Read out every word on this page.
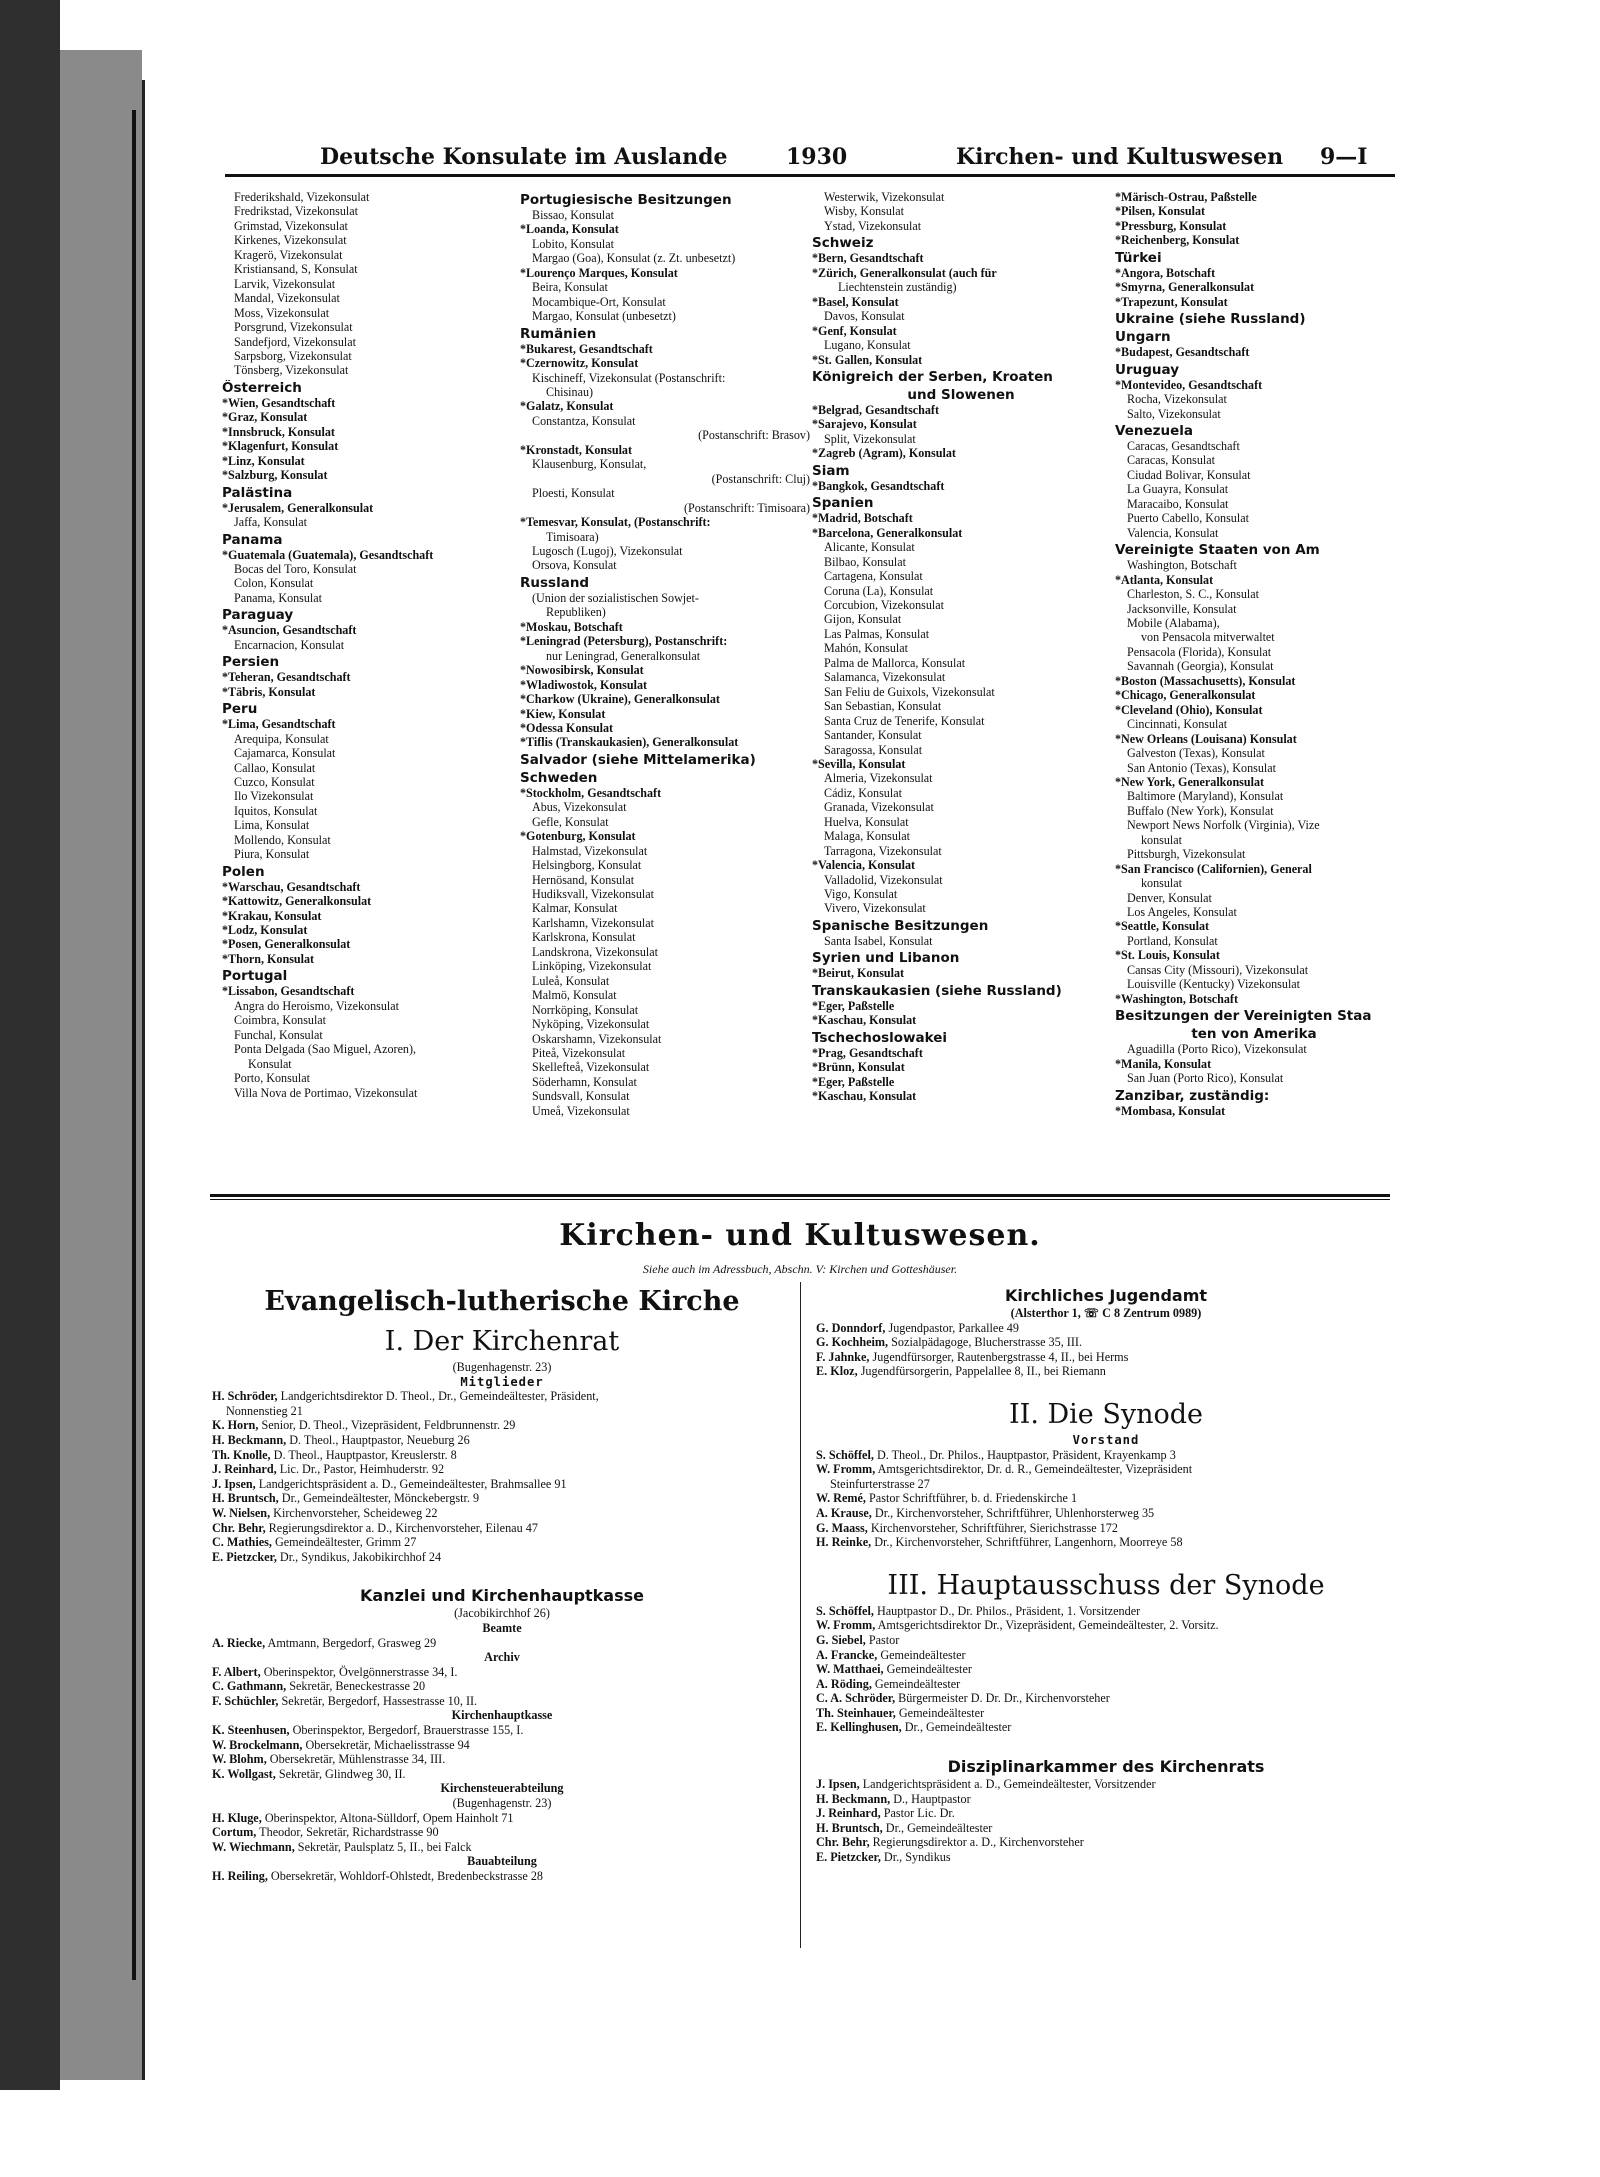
Deutsche Konsulate im Auslande	1930	Kirchen- und Kultuswesen 9—I
Frederikshald, Vizekonsulat
Fredrikstad, Vizekonsulat
Grimstad, Vizekonsulat
Kirkenes, Vizekonsulat
Kragerö, Vizekonsulat
Kristiansand, S, Konsulat
Larvik, Vizekonsulat
Mandal, Vizekonsulat
Moss, Vizekonsulat
Porsgrund, Vizekonsulat
Sandefjord, Vizekonsulat
Sarpsborg, Vizekonsulat
Tönsberg, Vizekonsulat
Österreich
*Wien, Gesandtschaft
*Graz, Konsulat
*Innsbruck, Konsulat
*Klagenfurt, Konsulat
*Linz, Konsulat
*Salzburg, Konsulat
Palästina
*Jerusalem, Generalkonsulat
Jaffa, Konsulat
Panama
*Guatemala (Guatemala), Gesandtschaft
Bocas del Toro, Konsulat
Colon, Konsulat
Panama, Konsulat
Paraguay
*Asuncion, Gesandtschaft
Encarnacion, Konsulat
Persien
*Teheran, Gesandtschaft
*Täbris, Konsulat
Peru
*Lima, Gesandtschaft
Arequipa, Konsulat
Cajamarca, Konsulat
Callao, Konsulat
Cuzco, Konsulat
Ilo Vizekonsulat
Iquitos, Konsulat
Lima, Konsulat
Mollendo, Konsulat
Piura, Konsulat
Polen
*Warschau, Gesandtschaft
*Kattowitz, Generalkonsulat
*Krakau, Konsulat
*Lodz, Konsulat
*Posen, Generalkonsulat
*Thorn, Konsulat
Portugal
*Lissabon, Gesandtschaft
Angra do Heroismo, Vizekonsulat
Coimbra, Konsulat
Funchal, Konsulat
Ponta Delgada (Sao Miguel, Azoren),
Konsulat
Porto, Konsulat
Villa Nova de Portimao, Vizekonsulat
Portugiesische Besitzungen
Bissao, Konsulat
*Loanda, Konsulat
Lobito, Konsulat
Margao (Goa), Konsulat (z. Zt. unbesetzt)
*Lourenço Marques, Konsulat
Beira, Konsulat
Mocambique-Ort, Konsulat
Margao, Konsulat (unbesetzt)
Rumänien
*Bukarest, Gesandtschaft
*Czernowitz, Konsulat
Kischineff, Vizekonsulat (Postanschrift:
Chisinau)
*Galatz, Konsulat
Constantza, Konsulat
(Postanschrift: Brasov)
*Kronstadt, Konsulat
Klausenburg, Konsulat,
(Postanschrift: Cluj)
Ploesti, Konsulat
(Postanschrift: Timisoara)
*Temesvar, Konsulat, (Postanschrift:
Timisoara)
Lugosch (Lugoj), Vizekonsulat
Orsova, Konsulat
Russland
(Union der sozialistischen Sowjet-
Republiken)
*Moskau, Botschaft
*Leningrad (Petersburg), Postanschrift:
nur Leningrad, Generalkonsulat
*Nowosibirsk, Konsulat
*Wladiwostok, Konsulat
*Charkow (Ukraine), Generalkonsulat
*Kiew, Konsulat
*Odessa Konsulat
*Tiflis (Transkaukasien), Generalkonsulat
Salvador (siehe Mittelamerika)
Schweden
*Stockholm, Gesandtschaft
Abus, Vizekonsulat
Gefle, Konsulat
*Gotenburg, Konsulat
Halmstad, Vizekonsulat
Helsingborg, Konsulat
Hernösand, Konsulat
Hudiksvall, Vizekonsulat
Kalmar, Konsulat
Karlshamn, Vizekonsulat
Karlskrona, Konsulat
Landskrona, Vizekonsulat
Linköping, Vizekonsulat
Luleå, Konsulat
Malmö, Konsulat
Norrköping, Konsulat
Nyköping, Vizekonsulat
Oskarshamn, Vizekonsulat
Piteå, Vizekonsulat
Skellefteå, Vizekonsulat
Söderhamn, Konsulat
Sundsvall, Konsulat
Umeå, Vizekonsulat
Westerwik, Vizekonsulat
Wisby, Konsulat
Ystad, Vizekonsulat
Schweiz
*Bern, Gesandtschaft
*Zürich, Generalkonsulat (auch für
Liechtenstein zuständig)
*Basel, Konsulat
Davos, Konsulat
*Genf, Konsulat
Lugano, Konsulat
*St. Gallen, Konsulat
Königreich der Serben, Kroaten
und Slowenen
*Belgrad, Gesandtschaft
*Sarajevo, Konsulat
Split, Vizekonsulat
*Zagreb (Agram), Konsulat
Siam
*Bangkok, Gesandtschaft
Spanien
*Madrid, Botschaft
*Barcelona, Generalkonsulat
Alicante, Konsulat
Bilbao, Konsulat
Cartagena, Konsulat
Coruna (La), Konsulat
Corcubion, Vizekonsulat
Gijon, Konsulat
Las Palmas, Konsulat
Mahón, Konsulat
Palma de Mallorca, Konsulat
Salamanca, Vizekonsulat
San Feliu de Guixols, Vizekonsulat
San Sebastian, Konsulat
Santa Cruz de Tenerife, Konsulat
Santander, Konsulat
Saragossa, Konsulat
*Sevilla, Konsulat
Almeria, Vizekonsulat
Cádiz, Konsulat
Granada, Vizekonsulat
Huelva, Konsulat
Malaga, Konsulat
Tarragona, Vizekonsulat
*Valencia, Konsulat
Valladolid, Vizekonsulat
Vigo, Konsulat
Vivero, Vizekonsulat
Spanische Besitzungen
Santa Isabel, Konsulat
Syrien und Libanon
*Beirut, Konsulat
Transkaukasien (siehe Russland)
*Eger, Paßstelle
*Kaschau, Konsulat
Tschechoslowakei
*Prag, Gesandtschaft
*Brünn, Konsulat
*Eger, Paßstelle
*Kaschau, Konsulat
*Märisch-Ostrau, Paßstelle
*Pilsen, Konsulat
*Pressburg, Konsulat
*Reichenberg, Konsulat
Türkei
*Angora, Botschaft
*Smyrna, Generalkonsulat
*Trapezunt, Konsulat
Ukraine (siehe Russland)
Ungarn
*Budapest, Gesandtschaft
Uruguay
*Montevideo, Gesandtschaft
Rocha, Vizekonsulat
Salto, Vizekonsulat
Venezuela
Caracas, Gesandtschaft
Caracas, Konsulat
Ciudad Bolivar, Konsulat
La Guayra, Konsulat
Maracaibo, Konsulat
Puerto Cabello, Konsulat
Valencia, Konsulat
Vereinigte Staaten von Am
Washington, Botschaft
*Atlanta, Konsulat
Charleston, S. C., Konsulat
Jacksonville, Konsulat
Mobile (Alabama),
von Pensacola mitverwaltet
Pensacola (Florida), Konsulat
Savannah (Georgia), Konsulat
*Boston (Massachusetts), Konsulat
*Chicago, Generalkonsulat
*Cleveland (Ohio), Konsulat
Cincinnati, Konsulat
*New Orleans (Louisana) Konsulat
Galveston (Texas), Konsulat
San Antonio (Texas), Konsulat
*New York, Generalkonsulat
Baltimore (Maryland), Konsulat
Buffalo (New York), Konsulat
Newport News Norfolk (Virginia), Vize
konsulat
Pittsburgh, Vizekonsulat
*San Francisco (Californien), General
konsulat
Denver, Konsulat
Los Angeles, Konsulat
*Seattle, Konsulat
Portland, Konsulat
*St. Louis, Konsulat
Cansas City (Missouri), Vizekonsulat
Louisville (Kentucky) Vizekonsulat
*Washington, Botschaft
Besitzungen der Vereinigten Staa
ten von Amerika
Aguadilla (Porto Rico), Vizekonsulat
*Manila, Konsulat
San Juan (Porto Rico), Konsulat
Zanzibar, zuständig:
*Mombasa, Konsulat
Kirchen- und Kultuswesen.
Siehe auch im Adressbuch, Abschn. V: Kirchen und Gotteshäuser.
Evangelisch-lutherische Kirche
I. Der Kirchenrat
(Bugenhagenstr. 23)
Mitglieder
H. Schröder, Landgerichtsdirektor D. Theol., Dr., Gemeindeältester, Präsident,
Nonnenstieg 21
K. Horn, Senior, D. Theol., Vizepräsident, Feldbrunnenstr. 29
H. Beckmann, D. Theol., Hauptpastor, Neueburg 26
Th. Knolle, D. Theol., Hauptpastor, Kreuslerstr. 8
J. Reinhard, Lic. Dr., Pastor, Heimhuderstr. 92
J. Ipsen, Landgerichtspräsident a. D., Gemeindeältester, Brahmsallee 91
H. Bruntsch, Dr., Gemeindeältester, Mönckebergstr. 9
W. Nielsen, Kirchenvorsteher, Scheideweg 22
Chr. Behr, Regierungsdirektor a. D., Kirchenvorsteher, Eilenau 47
C. Mathies, Gemeindeältester, Grimm 27
E. Pietzcker, Dr., Syndikus, Jakobikirchhof 24
Kanzlei und Kirchenhauptkasse
(Jacobikirchhof 26)
Beamte
A. Riecke, Amtmann, Bergedorf, Grasweg 29
Archiv
F. Albert, Oberinspektor, Övelgönnerstrasse 34, I.
C. Gathmann, Sekretär, Beneckestrasse 20
F. Schüchler, Sekretär, Bergedorf, Hassestrasse 10, II.
Kirchenhauptkasse
K. Steenhusen, Oberinspektor, Bergedorf, Brauerstrasse 155, I.
W. Brockelmann, Obersekretär, Michaelisstrasse 94
W. Blohm, Obersekretär, Mühlenstrasse 34, III.
K. Wollgast, Sekretär, Glindweg 30, II.
Kirchensteuerabteilung
(Bugenhagenstr. 23)
H. Kluge, Oberinspektor, Altona-Sülldorf, Opem Hainholt 71
Cortum, Theodor, Sekretär, Richardstrasse 90
W. Wiechmann, Sekretär, Paulsplatz 5, II., bei Falck
Bauabteilung
H. Reiling, Obersekretär, Wohldorf-Ohlstedt, Bredenbeckstrasse 28
Kirchliches Jugendamt
(Alsterthor 1, ☏ C 8 Zentrum 0989)
G. Donndorf, Jugendpastor, Parkallee 49
G. Kochheim, Sozialpädagoge, Blucherstrasse 35, III.
F. Jahnke, Jugendfürsorger, Rautenbergstrasse 4, II., bei Herms
E. Kloz, Jugendfürsorgerin, Pappelallee 8, II., bei Riemann
II. Die Synode
Vorstand
S. Schöffel, D. Theol., Dr. Philos., Hauptpastor, Präsident, Krayenkamp 3
W. Fromm, Amtsgerichtsdirektor, Dr. d. R., Gemeindeältester, Vizepräsident
Steinfurterstrasse 27
W. Remé, Pastor Schriftführer, b. d. Friedenskirche 1
A. Krause, Dr., Kirchenvorsteher, Schriftführer, Uhlenhorsterweg 35
G. Maass, Kirchenvorsteher, Schriftführer, Sierichstrasse 172
H. Reinke, Dr., Kirchenvorsteher, Schriftführer, Langenhorn, Moorreye 58
III. Hauptausschuss der Synode
S. Schöffel, Hauptpastor D., Dr. Philos., Präsident, 1. Vorsitzender
W. Fromm, Amtsgerichtsdirektor Dr., Vizepräsident, Gemeindeältester, 2. Vorsitz.
G. Siebel, Pastor
A. Francke, Gemeindeältester
W. Matthaei, Gemeindeältester
A. Röding, Gemeindeältester
C. A. Schröder, Bürgermeister D. Dr. Dr., Kirchenvorsteher
Th. Steinhauer, Gemeindeältester
E. Kellinghusen, Dr., Gemeindeältester
Disziplinarkammer des Kirchenrats
J. Ipsen, Landgerichtspräsident a. D., Gemeindeältester, Vorsitzender
H. Beckmann, D., Hauptpastor
J. Reinhard, Pastor Lic. Dr.
H. Bruntsch, Dr., Gemeindeältester
Chr. Behr, Regierungsdirektor a. D., Kirchenvorsteher
E. Pietzcker, Dr., Syndikus
